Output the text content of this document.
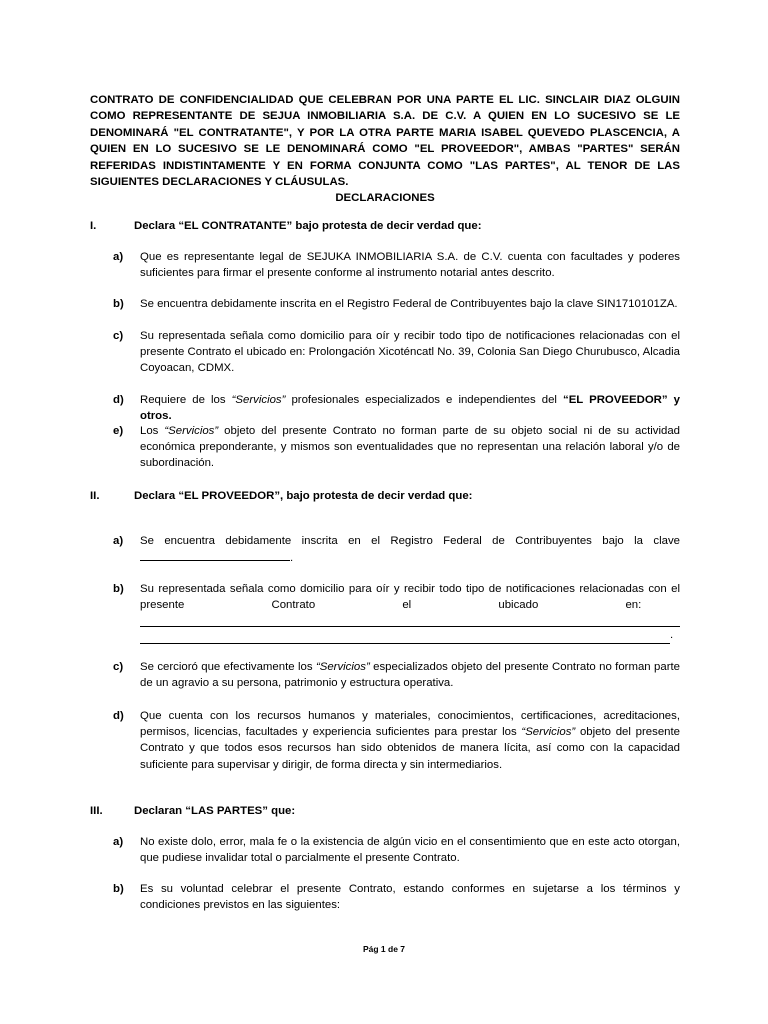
CONTRATO DE CONFIDENCIALIDAD QUE CELEBRAN POR UNA PARTE EL LIC. SINCLAIR DIAZ OLGUIN COMO REPRESENTANTE DE SEJUA INMOBILIARIA S.A. DE C.V. A QUIEN EN LO SUCESIVO SE LE DENOMINARÁ "EL CONTRATANTE", Y POR LA OTRA PARTE MARIA ISABEL QUEVEDO PLASCENCIA, A QUIEN EN LO SUCESIVO SE LE DENOMINARÁ COMO "EL PROVEEDOR", AMBAS "PARTES" SERÁN REFERIDAS INDISTINTAMENTE Y EN FORMA CONJUNTA COMO "LAS PARTES", AL TENOR DE LAS SIGUIENTES DECLARACIONES Y CLÁUSULAS.
DECLARACIONES
I.	Declara “EL CONTRATANTE” bajo protesta de decir verdad que:
a) Que es representante legal de SEJUKA INMOBILIARIA S.A. de C.V. cuenta con facultades y poderes suficientes para firmar el presente conforme al instrumento notarial antes descrito.
b) Se encuentra debidamente inscrita en el Registro Federal de Contribuyentes bajo la clave SIN1710101ZA.
c) Su representada señala como domicilio para oír y recibir todo tipo de notificaciones relacionadas con el presente Contrato el ubicado en: Prolongación Xicoténcatl No. 39, Colonia San Diego Churubusco, Alcadia Coyoacan, CDMX.
d) Requiere de los “Servicios” profesionales especializados e independientes del “EL PROVEEDOR” y otros.
e) Los “Servicios” objeto del presente Contrato no forman parte de su objeto social ni de su actividad económica preponderante, y mismos son eventualidades que no representan una relación laboral y/o de subordinación.
II.	Declara “EL PROVEEDOR”, bajo protesta de decir verdad que:
a) Se encuentra debidamente inscrita en el Registro Federal de Contribuyentes bajo la clave
.
b) Su representada señala como domicilio para oír y recibir todo tipo de notificaciones relacionadas con el
presente Contrato el ubicado en:
.
c) Se cercioró que efectivamente los “Servicios” especializados objeto del presente Contrato no forman parte de un agravio a su persona, patrimonio y estructura operativa.
d) Que cuenta con los recursos humanos y materiales, conocimientos, certificaciones, acreditaciones, permisos, licencias, facultades y experiencia suficientes para prestar los “Servicios” objeto del presente Contrato y que todos esos recursos han sido obtenidos de manera lícita, así como con la capacidad suficiente para supervisar y dirigir, de forma directa y sin intermediarios.
III.	Declaran “LAS PARTES” que:
a) No existe dolo, error, mala fe o la existencia de algún vicio en el consentimiento que en este acto otorgan, que pudiese invalidar total o parcialmente el presente Contrato.
b) Es su voluntad celebrar el presente Contrato, estando conformes en sujetarse a los términos y condiciones previstos en las siguientes:
Pág 1 de 7
